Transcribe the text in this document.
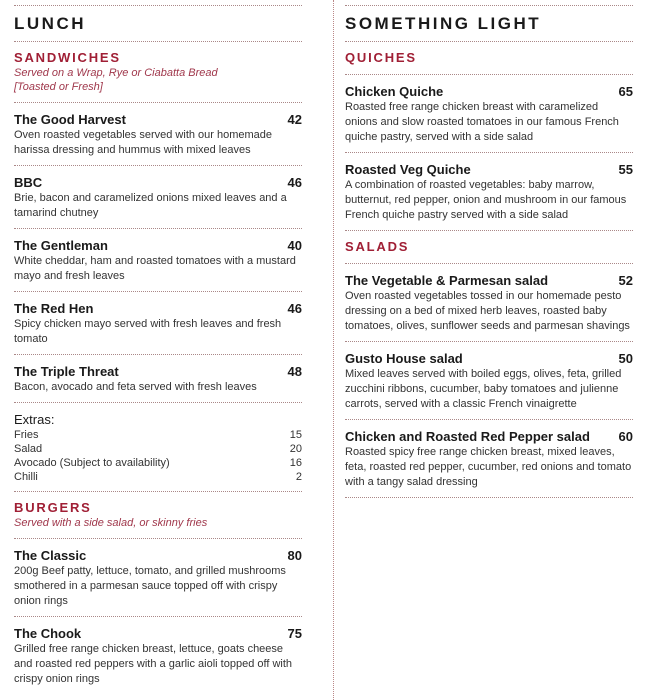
LUNCH
SANDWICHES
Served on a Wrap, Rye or Ciabatta Bread
[Toasted or Fresh]
The Good Harvest	42
Oven roasted vegetables served with our homemade harissa dressing and hummus with mixed leaves
BBC	46
Brie, bacon and caramelized onions mixed leaves and a tamarind chutney
The Gentleman	40
White cheddar, ham and roasted tomatoes with a mustard mayo and fresh leaves
The Red Hen	46
Spicy chicken mayo served with fresh leaves and fresh tomato
The Triple Threat	48
Bacon, avocado and feta served with fresh leaves
Extras:
Fries	15
Salad	20
Avocado (Subject to availability)	16
Chilli	2
BURGERS
Served with a side salad, or skinny fries
The Classic	80
200g Beef patty, lettuce, tomato, and grilled mushrooms smothered in a parmesan sauce topped off with crispy onion rings
The Chook	75
Grilled free range chicken breast, lettuce, goats cheese and roasted red peppers with a garlic aioli topped off with crispy onion rings
SOMETHING LIGHT
QUICHES
Chicken Quiche	65
Roasted free range chicken breast with caramelized onions and slow roasted tomatoes in our famous French quiche pastry, served with a side salad
Roasted Veg Quiche	55
A combination of roasted vegetables: baby marrow, butternut, red pepper, onion and mushroom in our famous French quiche pastry served with a side salad
SALADS
The Vegetable & Parmesan salad	52
Oven roasted vegetables tossed in our homemade pesto dressing on a bed of mixed herb leaves, roasted baby tomatoes, olives, sunflower seeds and parmesan shavings
Gusto House salad	50
Mixed leaves served with boiled eggs, olives, feta, grilled zucchini ribbons, cucumber, baby tomatoes and julienne carrots, served with a classic French vinaigrette
Chicken and Roasted Red Pepper salad 60
Roasted spicy free range chicken breast, mixed leaves, feta, roasted red pepper, cucumber, red onions and tomato with a tangy salad dressing
